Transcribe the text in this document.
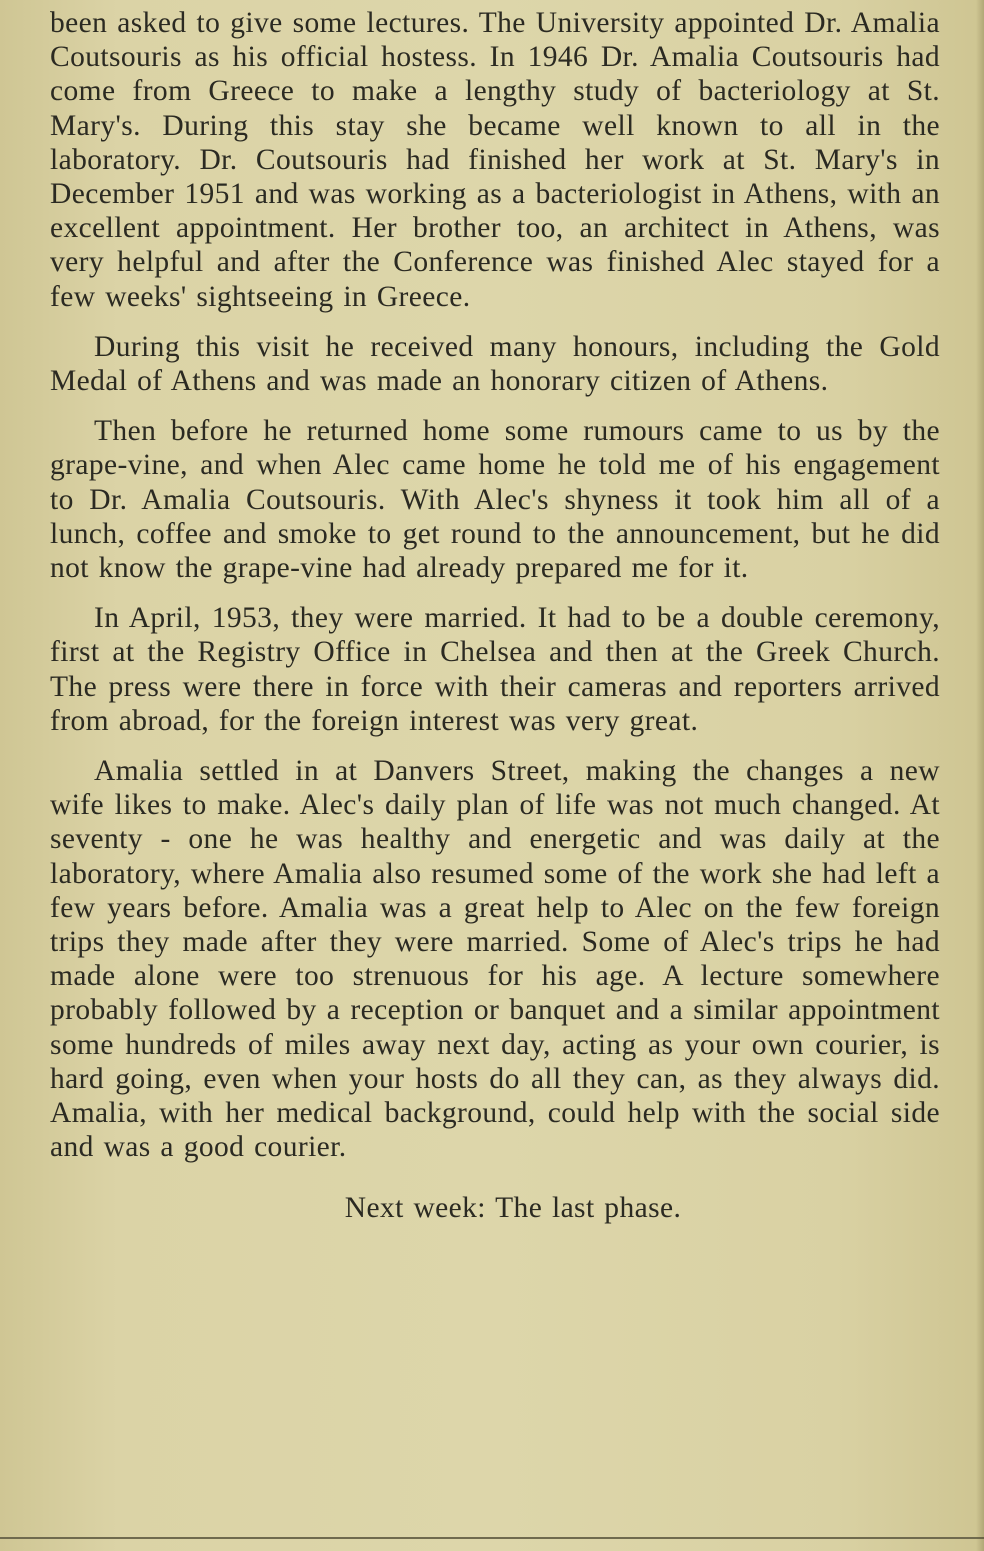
been asked to give some lectures. The University appointed Dr. Amalia Coutsouris as his official hostess. In 1946 Dr. Amalia Coutsouris had come from Greece to make a lengthy study of bacteriology at St. Mary's. During this stay she became well known to all in the laboratory. Dr. Coutsouris had finished her work at St. Mary's in December 1951 and was working as a bacteriologist in Athens, with an excellent appointment. Her brother too, an architect in Athens, was very helpful and after the Conference was finished Alec stayed for a few weeks' sightseeing in Greece.

During this visit he received many honours, including the Gold Medal of Athens and was made an honorary citizen of Athens.

Then before he returned home some rumours came to us by the grape-vine, and when Alec came home he told me of his engagement to Dr. Amalia Coutsouris. With Alec's shyness it took him all of a lunch, coffee and smoke to get round to the announcement, but he did not know the grape-vine had already prepared me for it.

In April, 1953, they were married. It had to be a double ceremony, first at the Registry Office in Chelsea and then at the Greek Church. The press were there in force with their cameras and reporters arrived from abroad, for the foreign interest was very great.

Amalia settled in at Danvers Street, making the changes a new wife likes to make. Alec's daily plan of life was not much changed. At seventy - one he was healthy and energetic and was daily at the laboratory, where Amalia also resumed some of the work she had left a few years before. Amalia was a great help to Alec on the few foreign trips they made after they were married. Some of Alec's trips he had made alone were too strenuous for his age. A lecture somewhere probably followed by a reception or banquet and a similar appointment some hundreds of miles away next day, acting as your own courier, is hard going, even when your hosts do all they can, as they always did. Amalia, with her medical background, could help with the social side and was a good courier.

Next week: The last phase.
